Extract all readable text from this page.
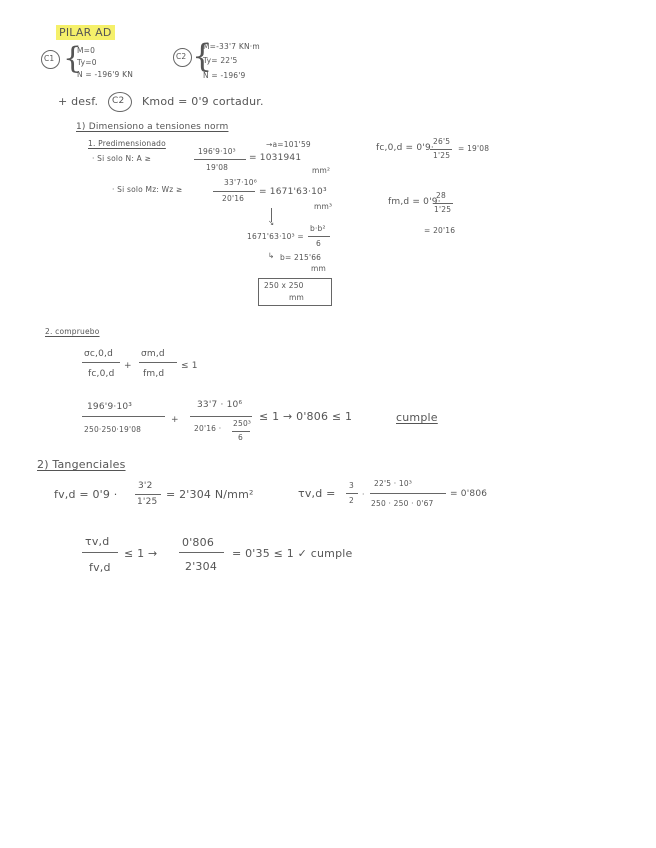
PILAR AD
C1 {
M=0
Ty=0
N = -196'9 KN
C2 {
M=-33'7 KN·m
Ty= 22'5
N = -196'9
+ desf. C2 Kmod = 0'9 cortadur.
1) Dimensiono a tensiones norm
1. Predimensionado
· Si solo N: A ≥
196'9·10³
19'08
= 1031941
→a=101'59
mm²
· Si solo Mz: Wz ≥
33'7·10⁶
20'16
= 1671'63·10³
mm³
↘
1671'63·10³ =
b·b²
6
↳ b= 215'66
mm
250 x 250
mm
fc,0,d = 0'9·
26'5
1'25
= 19'08
fm,d = 0'9·
28
1'25
= 20'16
2. compruebo
σc,0,d
fc,0,d
+
σm,d
fm,d
≤ 1
196'9·10³
250·250·19'08
+
33'7 · 10⁶
20'16 ·
250³
6
≤ 1 → 0'806 ≤ 1	cumple
2) Tangenciales
fv,d = 0'9 ·
3'2
1'25
= 2'304 N/mm²	τv,d =
3
2
·
22'5 · 10³
250 · 250 · 0'67
= 0'806
τv,d
fv,d
≤ 1 →
0'806
2'304
= 0'35 ≤ 1 ✓ cumple
